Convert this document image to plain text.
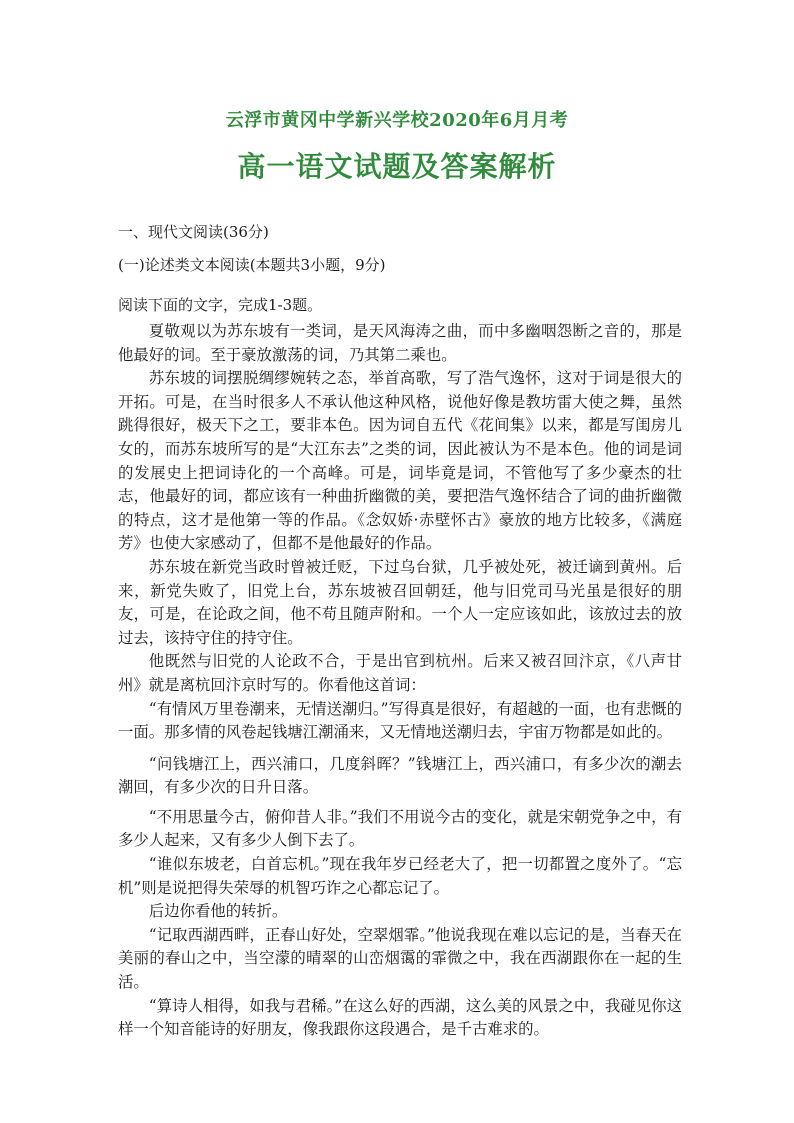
云浮市黄冈中学新兴学校2020年6月月考
高一语文试题及答案解析
一、现代文阅读(36分)
(一)论述类文本阅读(本题共3小题，9分)
阅读下面的文字，完成1-3题。

夏敬观以为苏东坡有一类词，是天风海涛之曲，而中多幽咽怨断之音的，那是他最好的词。至于豪放激荡的词，乃其第二乘也。

苏东坡的词摆脱绸缪婉转之态，举首高歌，写了浩气逸怀，这对于词是很大的开拓。可是，在当时很多人不承认他这种风格，说他好像是教坊雷大使之舞，虽然跳得很好，极天下之工，要非本色。因为词自五代《花间集》以来，都是写闺房儿女的，而苏东坡所写的是“大江东去”之类的词，因此被认为不是本色。他的词是词的发展史上把词诗化的一个高峰。可是，词毕竟是词，不管他写了多少豪杰的壮志，他最好的词，都应该有一种曲折幽微的美，要把浩气逸怀结合了词的曲折幽微的特点，这才是他第一等的作品。《念奴娇·赤壁怀古》豪放的地方比较多，《满庭芳》也使大家感动了，但都不是他最好的作品。

苏东坡在新党当政时曾被迁贬，下过乌台狱，几乎被处死，被迁谪到黄州。后来，新党失败了，旧党上台，苏东坡被召回朝廷，他与旧党司马光虽是很好的朋友，可是，在论政之间，他不苟且随声附和。一个人一定应该如此，该放过去的放过去，该持守住的持守住。

他既然与旧党的人论政不合，于是出官到杭州。后来又被召回汴京，《八声甘州》就是离杭回汴京时写的。你看他这首词：

“有情风万里卷潮来，无情送潮归。”写得真是很好，有超越的一面，也有悲慨的一面。那多情的风卷起钱塘江潮涌来，又无情地送潮归去，宇宙万物都是如此的。

“问钱塘江上，西兴浦口，几度斜晖？”钱塘江上，西兴浦口，有多少次的潮去潮回，有多少次的日升日落。

“不用思量今古，俯仰昔人非。”我们不用说今古的变化，就是宋朝党争之中，有多少人起来，又有多少人倒下去了。

“谁似东坡老，白首忘机。”现在我年岁已经老大了，把一切都置之度外了。“忘机”则是说把得失荣辱的机智巧诈之心都忘记了。

后边你看他的转折。

“记取西湖西畔，正春山好处，空翠烟霏。”他说我现在难以忘记的是，当春天在美丽的春山之中，当空濛的晴翠的山峦烟霭的霏微之中，我在西湖跟你在一起的生活。

“算诗人相得，如我与君稀。”在这么好的西湖，这么美的风景之中，我碰见你这样一个知音能诗的好朋友，像我跟你这段遇合，是千古难求的。
